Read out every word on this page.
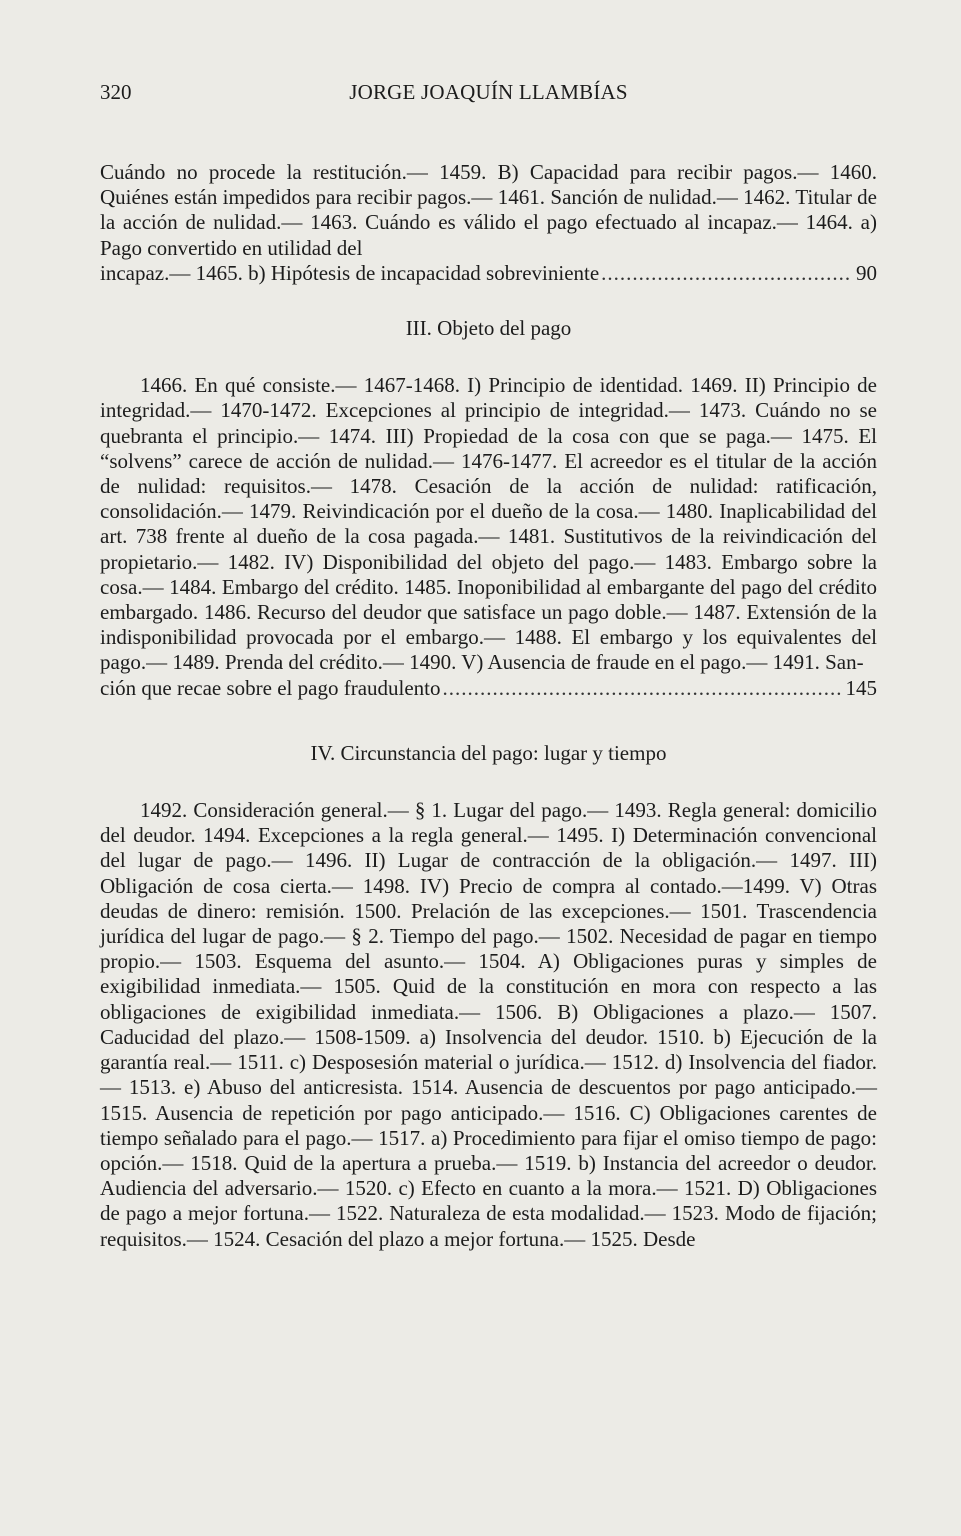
320	JORGE JOAQUÍN LLAMBÍAS

Cuándo no procede la restitución.— 1459. B) Capacidad para recibir pagos.— 1460. Quiénes están impedidos para recibir pagos.— 1461. Sanción de nulidad.— 1462. Titular de la acción de nulidad.— 1463. Cuándo es válido el pago efectuado al incapaz.— 1464. a) Pago convertido en utilidad del

incapaz.— 1465. b) Hipótesis de incapacidad sobreviniente .....	90
III. Objeto del pago

1466. En qué consiste.— 1467-1468. I) Principio de identidad. 1469. II) Principio de integridad.— 1470-1472. Excepciones al principio de integridad.— 1473. Cuándo no se quebranta el principio.— 1474. III) Propiedad de la cosa con que se paga.— 1475. El “solvens” carece de acción de nulidad.— 1476-1477. El acreedor es el titular de la acción de nulidad: requisitos.— 1478. Cesación de la acción de nulidad: ratificación, consolidación.— 1479. Reivindicación por el dueño de la cosa.— 1480. Inaplicabilidad del art. 738 frente al dueño de la cosa pagada.— 1481. Sustitutivos de la reivindicación del propietario.— 1482. IV) Disponibilidad del objeto del pago.— 1483. Embargo sobre la cosa.— 1484. Embargo del crédito. 1485. Inoponibilidad al embargante del pago del crédito embargado. 1486. Recurso del deudor que satisface un pago doble.— 1487. Extensión de la indisponibilidad provocada por el embargo.— 1488. El embargo y los equivalentes del pago.— 1489. Prenda del crédito.— 1490. V) Ausencia de fraude en el pago.— 1491. San-

ción que recae sobre el pago fraudulento .....	145
IV. Circunstancia del pago: lugar y tiempo

1492. Consideración general.— § 1. Lugar del pago.— 1493. Regla general: domicilio del deudor. 1494. Excepciones a la regla general.— 1495. I) Determinación convencional del lugar de pago.— 1496. II) Lugar de contracción de la obligación.— 1497. III) Obligación de cosa cierta.— 1498. IV) Precio de compra al contado.—1499. V) Otras deudas de dinero: remisión. 1500. Prelación de las excepciones.— 1501. Trascendencia jurídica del lugar de pago.— § 2. Tiempo del pago.— 1502. Necesidad de pagar en tiempo propio.— 1503. Esquema del asunto.— 1504. A) Obligaciones puras y simples de exigibilidad inmediata.— 1505. Quid de la constitución en mora con respecto a las obligaciones de exigibilidad inmediata.— 1506. B) Obligaciones a plazo.— 1507. Caducidad del plazo.— 1508-1509. a) Insolvencia del deudor. 1510. b) Ejecución de la garantía real.— 1511. c) Desposesión material o jurídica.— 1512. d) Insolvencia del fiador.— 1513. e) Abuso del anticresista. 1514. Ausencia de descuentos por pago anticipado.— 1515. Ausencia de repetición por pago anticipado.— 1516. C) Obligaciones carentes de tiempo señalado para el pago.— 1517. a) Procedimiento para fijar el omiso tiempo de pago: opción.— 1518. Quid de la apertura a prueba.— 1519. b) Instancia del acreedor o deudor. Audiencia del adversario.— 1520. c) Efecto en cuanto a la mora.— 1521. D) Obligaciones de pago a mejor fortuna.— 1522. Naturaleza de esta modalidad.— 1523. Modo de fijación; requisitos.— 1524. Cesación del plazo a mejor fortuna.— 1525. Desde
